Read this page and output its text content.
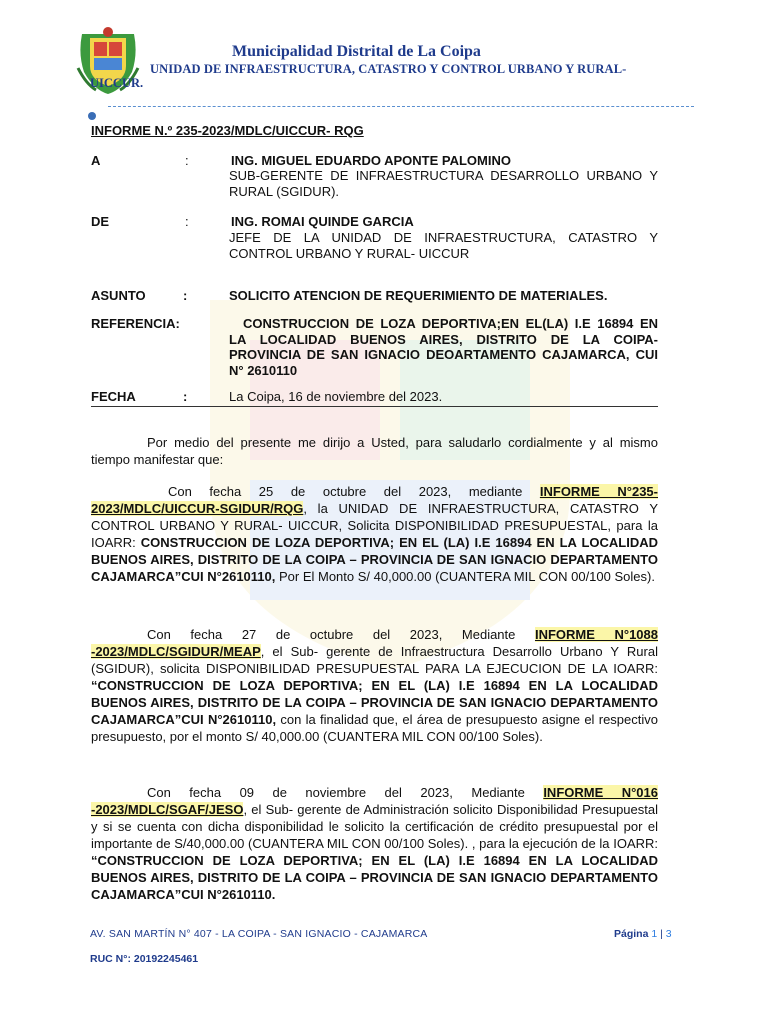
Municipalidad Distrital de La Coipa
UNIDAD DE INFRAESTRUCTURA, CATASTRO Y CONTROL URBANO Y RURAL-
UICCUR.
INFORME N.º 235-2023/MDLC/UICCUR- RQG
A	:	ING. MIGUEL EDUARDO APONTE PALOMINO
SUB-GERENTE DE INFRAESTRUCTURA DESARROLLO URBANO Y RURAL (SGIDUR).
DE	:	ING. ROMAI QUINDE GARCIA
JEFE DE LA UNIDAD DE INFRAESTRUCTURA, CATASTRO Y CONTROL URBANO Y RURAL- UICCUR
ASUNTO	:	SOLICITO ATENCION DE REQUERIMIENTO DE MATERIALES.
REFERENCIA:	CONSTRUCCION DE LOZA DEPORTIVA;EN EL(LA) I.E 16894 EN LA LOCALIDAD BUENOS AIRES, DISTRITO DE LA COIPA-PROVINCIA DE SAN IGNACIO DEOARTAMENTO CAJAMARCA, CUI N° 2610110
FECHA	:	La Coipa, 16 de noviembre del 2023.
Por medio del presente me dirijo a Usted, para saludarlo cordialmente y al mismo tiempo manifestar que:
Con fecha 25 de octubre del 2023, mediante INFORME N°235-2023/MDLC/UICCUR-SGIDUR/RQG, la UNIDAD DE INFRAESTRUCTURA, CATASTRO Y CONTROL URBANO Y RURAL- UICCUR, Solicita DISPONIBILIDAD PRESUPUESTAL, para la IOARR: CONSTRUCCION DE LOZA DEPORTIVA; EN EL (LA) I.E 16894 EN LA LOCALIDAD BUENOS AIRES, DISTRITO DE LA COIPA – PROVINCIA DE SAN IGNACIO DEPARTAMENTO CAJAMARCA”CUI N°2610110, Por El Monto S/ 40,000.00 (CUANTERA MIL CON 00/100 Soles).
Con fecha 27 de octubre del 2023, Mediante INFORME N°1088 -2023/MDLC/SGIDUR/MEAP, el Sub- gerente de Infraestructura Desarrollo Urbano Y Rural (SGIDUR), solicita DISPONIBILIDAD PRESUPUESTAL PARA LA EJECUCION DE LA IOARR: “CONSTRUCCION DE LOZA DEPORTIVA; EN EL (LA) I.E 16894 EN LA LOCALIDAD BUENOS AIRES, DISTRITO DE LA COIPA – PROVINCIA DE SAN IGNACIO DEPARTAMENTO CAJAMARCA”CUI N°2610110, con la finalidad que, el área de presupuesto asigne el respectivo presupuesto, por el monto S/ 40,000.00 (CUANTERA MIL CON 00/100 Soles).
Con fecha 09 de noviembre del 2023, Mediante INFORME N°016 -2023/MDLC/SGAF/JESO, el Sub- gerente de Administración solicito Disponibilidad Presupuestal y si se cuenta con dicha disponibilidad le solicito la certificación de crédito presupuestal por el importante de S/40,000.00 (CUANTERA MIL CON 00/100 Soles). , para la ejecución de la IOARR: “CONSTRUCCION DE LOZA DEPORTIVA; EN EL (LA) I.E 16894 EN LA LOCALIDAD BUENOS AIRES, DISTRITO DE LA COIPA – PROVINCIA DE SAN IGNACIO DEPARTAMENTO CAJAMARCA”CUI N°2610110.
AV. SAN MARTÍN N° 407 - LA COIPA - SAN IGNACIO - CAJAMARCA	Página 1 | 3
RUC N°: 20192245461
